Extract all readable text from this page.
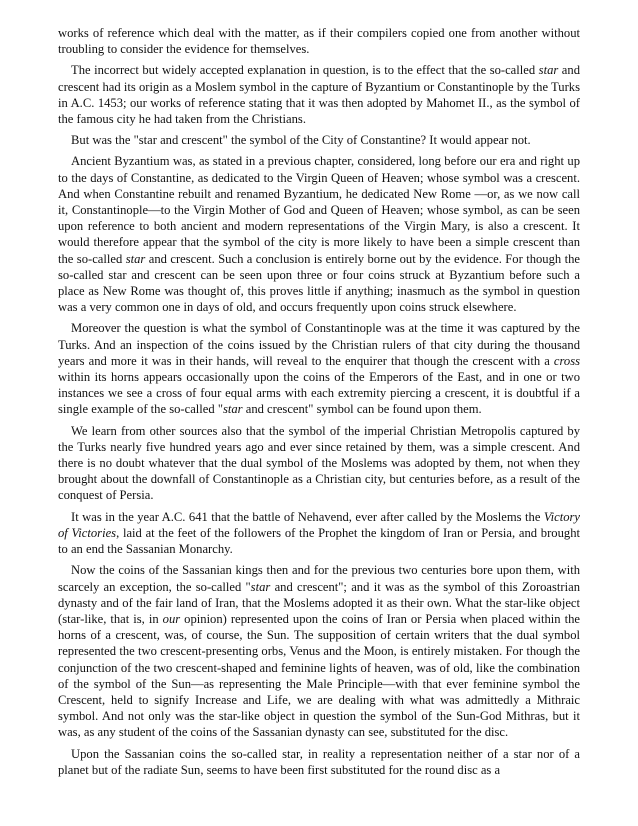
works of reference which deal with the matter, as if their compilers copied one from another without troubling to consider the evidence for themselves.

The incorrect but widely accepted explanation in question, is to the effect that the so-called star and crescent had its origin as a Moslem symbol in the capture of Byzantium or Constantinople by the Turks in A.C. 1453; our works of reference stating that it was then adopted by Mahomet II., as the symbol of the famous city he had taken from the Christians.

But was the "star and crescent" the symbol of the City of Constantine? It would appear not.

Ancient Byzantium was, as stated in a previous chapter, considered, long before our era and right up to the days of Constantine, as dedicated to the Virgin Queen of Heaven; whose symbol was a crescent. And when Constantine rebuilt and renamed Byzantium, he dedicated New Rome —or, as we now call it, Constantinople—to the Virgin Mother of God and Queen of Heaven; whose symbol, as can be seen upon reference to both ancient and modern representations of the Virgin Mary, is also a crescent. It would therefore appear that the symbol of the city is more likely to have been a simple crescent than the so-called star and crescent. Such a conclusion is entirely borne out by the evidence. For though the so-called star and crescent can be seen upon three or four coins struck at Byzantium before such a place as New Rome was thought of, this proves little if anything; inasmuch as the symbol in question was a very common one in days of old, and occurs frequently upon coins struck elsewhere.

Moreover the question is what the symbol of Constantinople was at the time it was captured by the Turks. And an inspection of the coins issued by the Christian rulers of that city during the thousand years and more it was in their hands, will reveal to the enquirer that though the crescent with a cross within its horns appears occasionally upon the coins of the Emperors of the East, and in one or two instances we see a cross of four equal arms with each extremity piercing a crescent, it is doubtful if a single example of the so-called "star and crescent" symbol can be found upon them.

We learn from other sources also that the symbol of the imperial Christian Metropolis captured by the Turks nearly five hundred years ago and ever since retained by them, was a simple crescent. And there is no doubt whatever that the dual symbol of the Moslems was adopted by them, not when they brought about the downfall of Constantinople as a Christian city, but centuries before, as a result of the conquest of Persia.

It was in the year A.C. 641 that the battle of Nehavend, ever after called by the Moslems the Victory of Victories, laid at the feet of the followers of the Prophet the kingdom of Iran or Persia, and brought to an end the Sassanian Monarchy.

Now the coins of the Sassanian kings then and for the previous two centuries bore upon them, with scarcely an exception, the so-called "star and crescent"; and it was as the symbol of this Zoroastrian dynasty and of the fair land of Iran, that the Moslems adopted it as their own. What the star-like object (star-like, that is, in our opinion) represented upon the coins of Iran or Persia when placed within the horns of a crescent, was, of course, the Sun. The supposition of certain writers that the dual symbol represented the two crescent-presenting orbs, Venus and the Moon, is entirely mistaken. For though the conjunction of the two crescent-shaped and feminine lights of heaven, was of old, like the combination of the symbol of the Sun—as representing the Male Principle—with that ever feminine symbol the Crescent, held to signify Increase and Life, we are dealing with what was admittedly a Mithraic symbol. And not only was the star-like object in question the symbol of the Sun-God Mithras, but it was, as any student of the coins of the Sassanian dynasty can see, substituted for the disc.

Upon the Sassanian coins the so-called star, in reality a representation neither of a star nor of a planet but of the radiate Sun, seems to have been first substituted for the round disc as a
